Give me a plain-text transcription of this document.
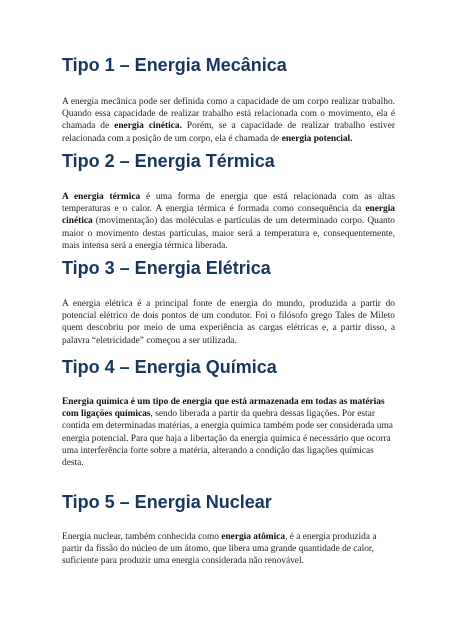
Tipo 1 – Energia Mecânica

A energia mecânica pode ser definida como a capacidade de um corpo realizar trabalho. Quando essa capacidade de realizar trabalho está relacionada com o movimento, ela é chamada de energia cinética. Porém, se a capacidade de realizar trabalho estiver relacionada com a posição de um corpo, ela é chamada de energia potencial.

Tipo 2 – Energia Térmica

A energia térmica é uma forma de energia que está relacionada com as altas temperaturas e o calor. A energia térmica é formada como consequência da energia cinética (movimentação) das moléculas e partículas de um determinado corpo. Quanto maior o movimento destas partículas, maior será a temperatura e, consequentemente, mais intensa será a energia térmica liberada.

Tipo 3 – Energia Elétrica

A energia elétrica é a principal fonte de energia do mundo, produzida a partir do potencial elétrico de dois pontos de um condutor. Foi o filósofo grego Tales de Mileto quem descobriu por meio de uma experiência as cargas elétricas e, a partir disso, a palavra “eletricidade” começou a ser utilizada.

Tipo 4 – Energia Química

Energia química é um tipo de energia que está armazenada em todas as matérias com ligações químicas, sendo liberada a partir da quebra dessas ligações. Por estar contida em determinadas matérias, a energia química também pode ser considerada uma energia potencial. Para que haja a libertação da energia química é necessário que ocorra uma interferência forte sobre a matéria, alterando a condição das ligações químicas desta.

Tipo 5 – Energia Nuclear

Energia nuclear, também conhecida como energia atômica, é a energia produzida a partir da fissão do núcleo de um átomo, que libera uma grande quantidade de calor, suficiente para produzir uma energia considerada não renovável.
